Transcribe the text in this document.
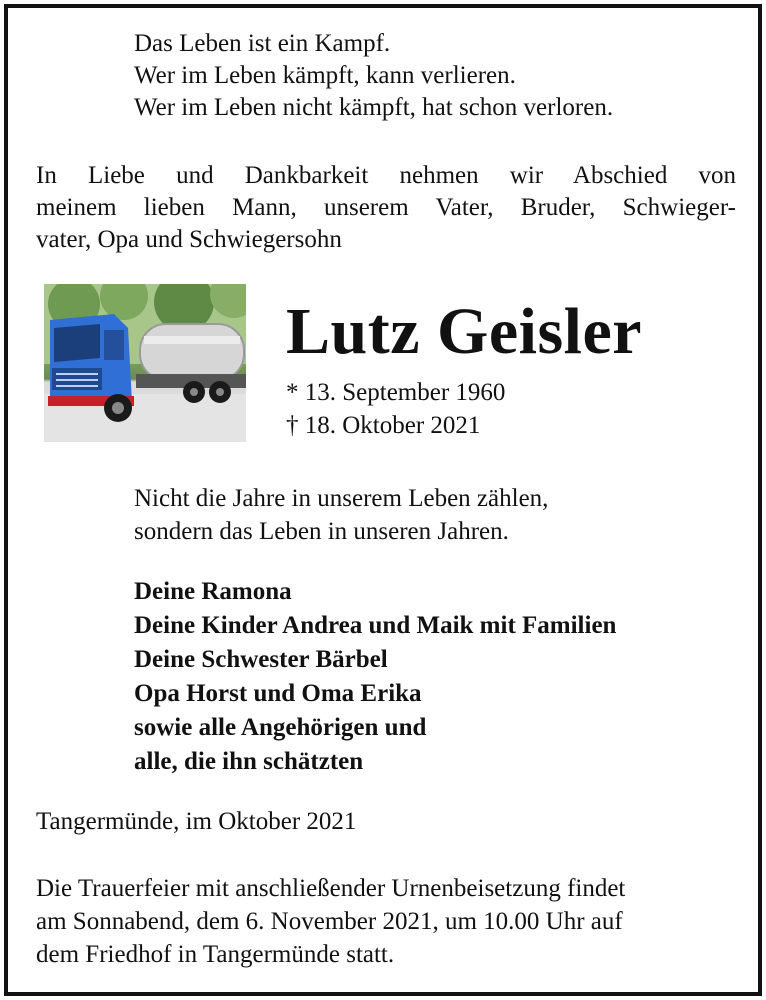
Das Leben ist ein Kampf.
Wer im Leben kämpft, kann verlieren.
Wer im Leben nicht kämpft, hat schon verloren.
In Liebe und Dankbarkeit nehmen wir Abschied von
meinem lieben Mann, unserem Vater, Bruder, Schwieger-
vater, Opa und Schwiegersohn
Lutz Geisler
* 13. September 1960
† 18. Oktober 2021
Nicht die Jahre in unserem Leben zählen,
sondern das Leben in unseren Jahren.
Deine Ramona
Deine Kinder Andrea und Maik mit Familien
Deine Schwester Bärbel
Opa Horst und Oma Erika
sowie alle Angehörigen und
alle, die ihn schätzten
Tangermünde, im Oktober 2021
Die Trauerfeier mit anschließender Urnenbeisetzung findet
am Sonnabend, dem 6. November 2021, um 10.00 Uhr auf
dem Friedhof in Tangermünde statt.
